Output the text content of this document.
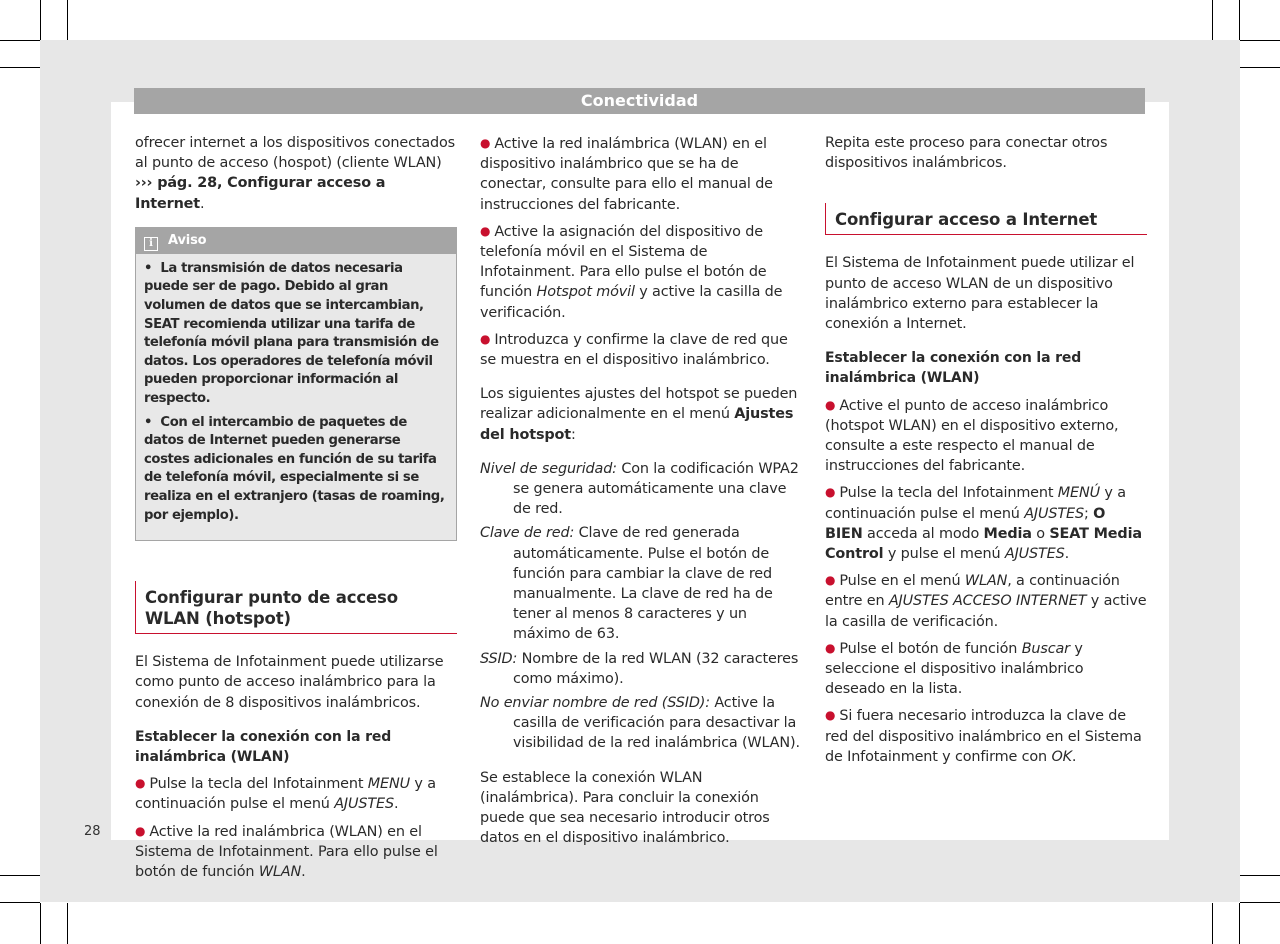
Conectividad

ofrecer internet a los dispositivos conectados al punto de acceso (hospot) (cliente WLAN)
››› pág. 28, Configurar acceso a Internet.

i Aviso
•  La transmisión de datos necesaria puede ser de pago. Debido al gran volumen de datos que se intercambian, SEAT recomienda utilizar una tarifa de telefonía móvil plana para transmisión de datos. Los operadores de telefonía móvil pueden proporcionar información al respecto.
•  Con el intercambio de paquetes de datos de Internet pueden generarse costes adicionales en función de su tarifa de telefonía móvil, especialmente si se realiza en el extranjero (tasas de roaming, por ejemplo).
Configurar punto de acceso WLAN (hotspot)

El Sistema de Infotainment puede utilizarse como punto de acceso inalámbrico para la conexión de 8 dispositivos inalámbricos.

Establecer la conexión con la red inalámbrica (WLAN)
● Pulse la tecla del Infotainment MENU y a continuación pulse el menú AJUSTES.
● Active la red inalámbrica (WLAN) en el Sistema de Infotainment. Para ello pulse el botón de función WLAN.
● Active la red inalámbrica (WLAN) en el dispositivo inalámbrico que se ha de conectar, consulte para ello el manual de instrucciones del fabricante.
● Active la asignación del dispositivo de telefonía móvil en el Sistema de Infotainment. Para ello pulse el botón de función Hotspot móvil y active la casilla de verificación.
● Introduzca y confirme la clave de red que se muestra en el dispositivo inalámbrico.

Los siguientes ajustes del hotspot se pueden realizar adicionalmente en el menú Ajustes del hotspot:

Nivel de seguridad: Con la codificación WPA2 se genera automáticamente una clave de red.
Clave de red: Clave de red generada automáticamente. Pulse el botón de función para cambiar la clave de red manualmente. La clave de red ha de tener al menos 8 caracteres y un máximo de 63.
SSID: Nombre de la red WLAN (32 caracteres como máximo).
No enviar nombre de red (SSID): Active la casilla de verificación para desactivar la visibilidad de la red inalámbrica (WLAN).

Se establece la conexión WLAN (inalámbrica). Para concluir la conexión puede que sea necesario introducir otros datos en el dispositivo inalámbrico.

Repita este proceso para conectar otros dispositivos inalámbricos.

Configurar acceso a Internet

El Sistema de Infotainment puede utilizar el punto de acceso WLAN de un dispositivo inalámbrico externo para establecer la conexión a Internet.

Establecer la conexión con la red inalámbrica (WLAN)
● Active el punto de acceso inalámbrico (hotspot WLAN) en el dispositivo externo, consulte a este respecto el manual de instrucciones del fabricante.
● Pulse la tecla del Infotainment MENÚ y a continuación pulse el menú AJUSTES; O BIEN acceda al modo Media o SEAT Media Control y pulse el menú AJUSTES.
● Pulse en el menú WLAN, a continuación entre en AJUSTES ACCESO INTERNET y active la casilla de verificación.
● Pulse el botón de función Buscar y seleccione el dispositivo inalámbrico deseado en la lista.
● Si fuera necesario introduzca la clave de red del dispositivo inalámbrico en el Sistema de Infotainment y confirme con OK.
28
